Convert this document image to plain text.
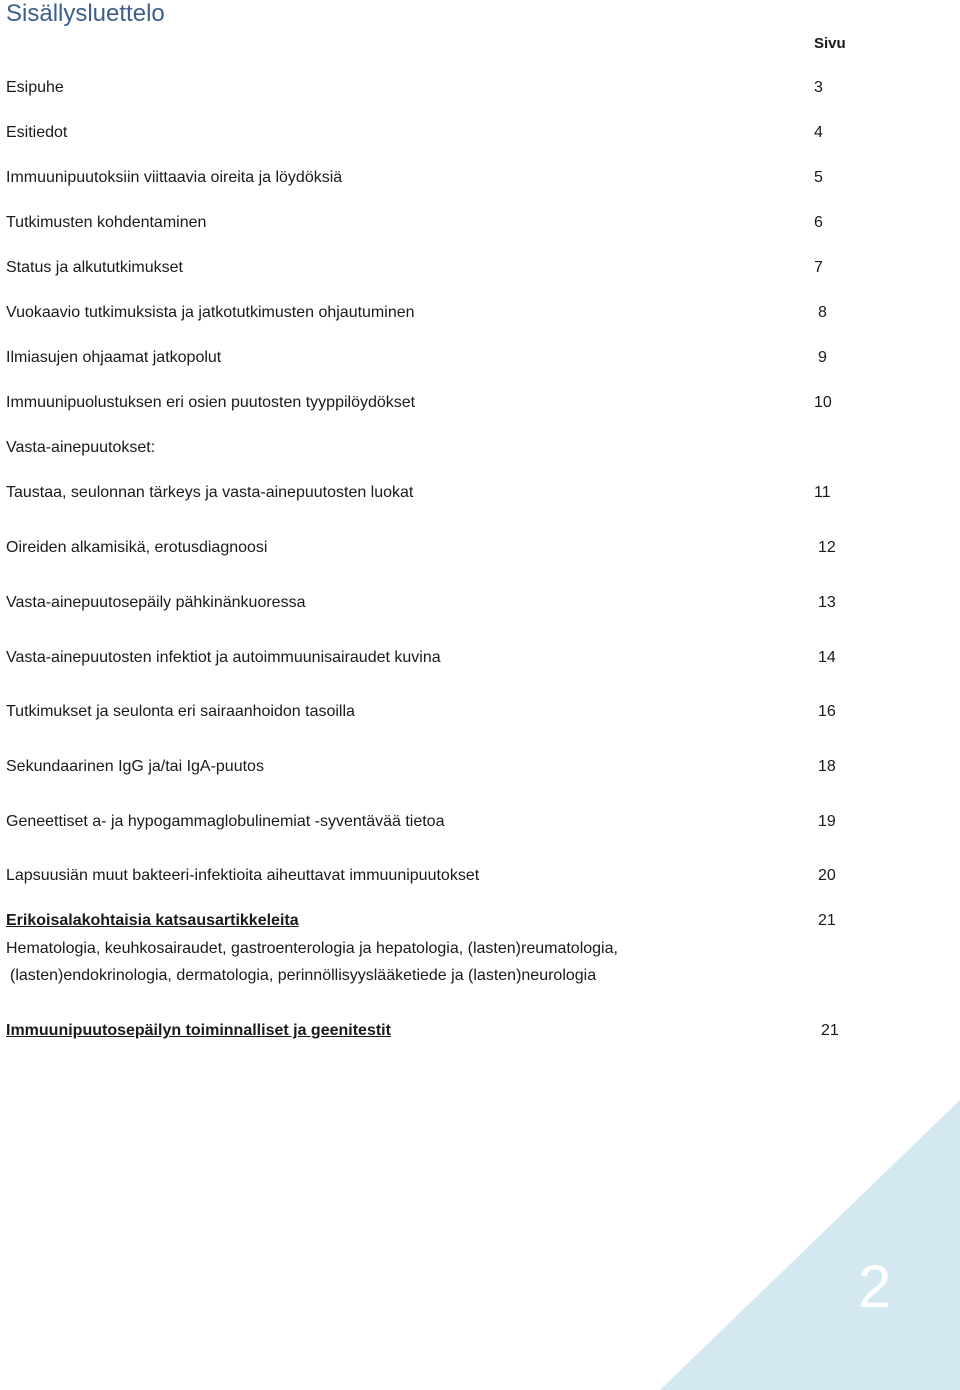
Sisällysluettelo
Sivu
Esipuhe	3
Esitiedot	4
Immuunipuutoksiin viittaavia oireita ja löydöksiä	5
Tutkimusten kohdentaminen	6
Status ja alkututkimukset	7
Vuokaavio tutkimuksista ja jatkotutkimusten ohjautuminen	8
Ilmiasujen ohjaamat jatkopolut	9
Immuunipuolustuksen eri osien puutosten tyyppilöydökset	10
Vasta-ainepuutokset:
Taustaa, seulonnan tärkeys ja vasta-ainepuutosten luokat	11
Oireiden alkamisikä, erotusdiagnoosi	12
Vasta-ainepuutosepäily pähkinänkuoressa	13
Vasta-ainepuutosten infektiot ja autoimmuunisairaudet kuvina	14
Tutkimukset ja seulonta eri sairaanhoidon tasoilla	16
Sekundaarinen IgG ja/tai IgA-puutos	18
Geneettiset a- ja hypogammaglobulinemiat -syventävää tietoa	19
Lapsuusiän muut bakteeri-infektioita aiheuttavat immuunipuutokset	20
Erikoisalakohtaisia katsausartikkeleita	21
Hematologia, keuhkosairaudet, gastroenterologia ja hepatologia, (lasten)reumatologia,
(lasten)endokrinologia, dermatologia, perinnöllisyyslääketiede ja (lasten)neurologia
Immuunipuutosepäilyn toiminnalliset ja geenitestit	21
2
